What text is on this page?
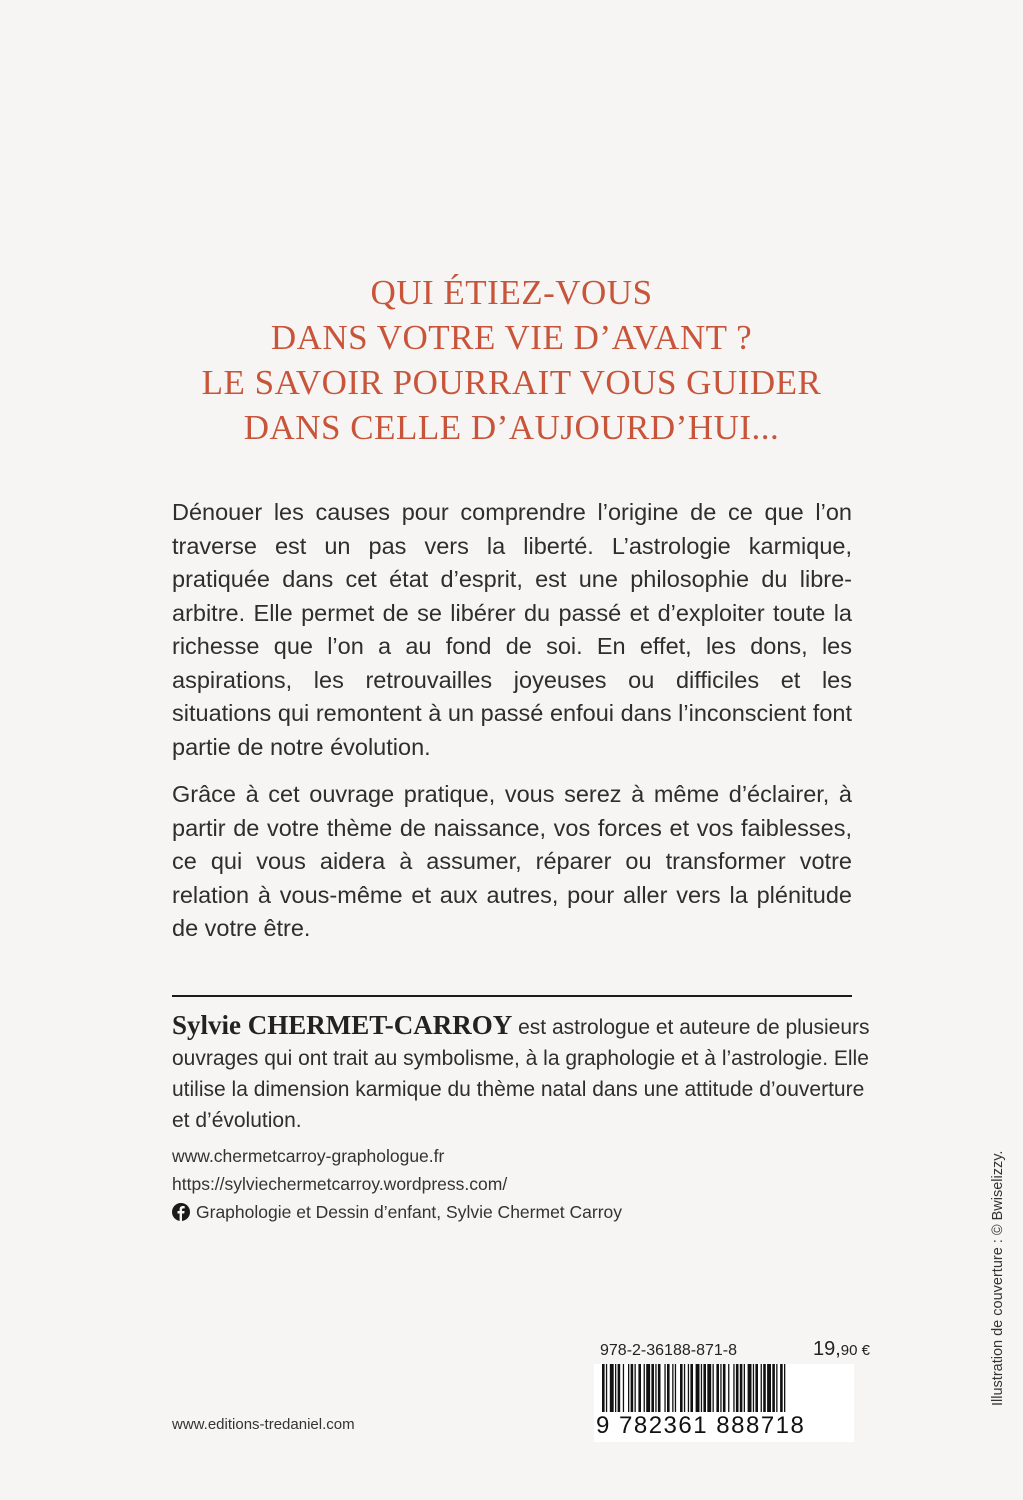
QUI ÉTIEZ-VOUS
DANS VOTRE VIE D’AVANT ?
LE SAVOIR POURRAIT VOUS GUIDER
DANS CELLE D’AUJOURD’HUI...
Dénouer les causes pour comprendre l’origine de ce que l’on traverse est un pas vers la liberté. L’astrologie karmique, pratiquée dans cet état d’esprit, est une philosophie du libre-arbitre. Elle permet de se libérer du passé et d’exploiter toute la richesse que l’on a au fond de soi. En effet, les dons, les aspirations, les retrouvailles joyeuses ou difficiles et les situations qui remontent à un passé enfoui dans l’inconscient font partie de notre évolution.
Grâce à cet ouvrage pratique, vous serez à même d’éclairer, à partir de votre thème de naissance, vos forces et vos faiblesses, ce qui vous aidera à assumer, réparer ou transformer votre relation à vous-même et aux autres, pour aller vers la plénitude de votre être.
Sylvie CHERMET-CARROY est astrologue et auteure de plusieurs ouvrages qui ont trait au symbolisme, à la graphologie et à l’astrologie. Elle utilise la dimension karmique du thème natal dans une attitude d’ouverture et d’évolution.
www.chermetcarroy-graphologue.fr
https://sylviechermetcarroy.wordpress.com/
Graphologie et Dessin d’enfant, Sylvie Chermet Carroy
978-2-36188-871-8	19,90 €
9 782361 888718
www.editions-tredaniel.com
Illustration de couverture : © Bwiselizzy.
